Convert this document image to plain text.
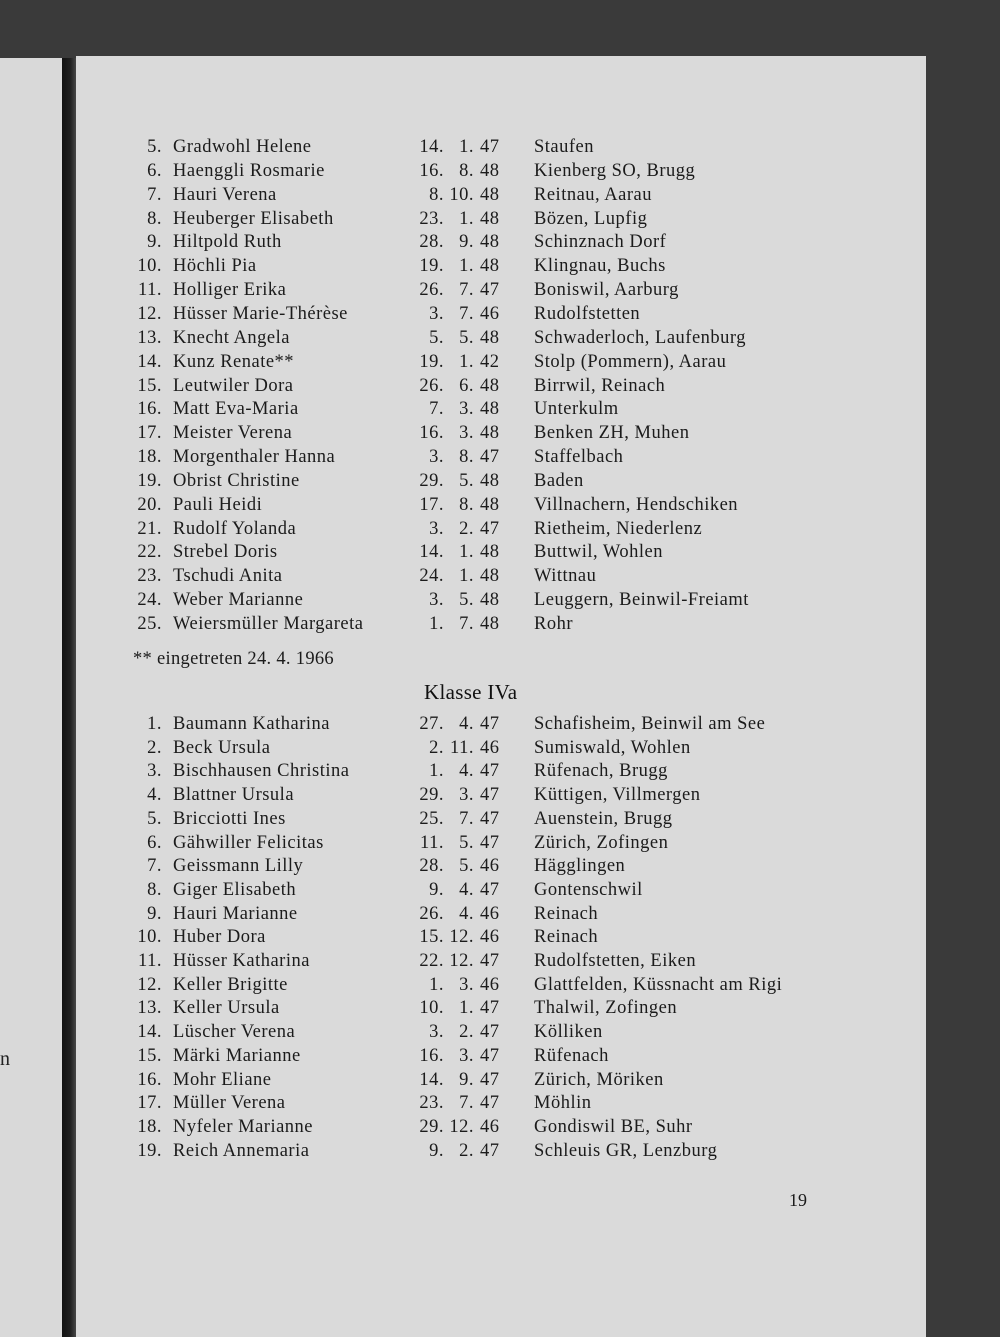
n
5. Gradwohl Helene	14. 1. 47 Staufen
6. Haenggli Rosmarie	16. 8. 48 Kienberg SO, Brugg
7. Hauri Verena	8. 10. 48 Reitnau, Aarau
8. Heuberger Elisabeth	23. 1. 48 Bözen, Lupfig
9. Hiltpold Ruth	28. 9. 48 Schinznach Dorf
10. Höchli Pia	19. 1. 48 Klingnau, Buchs
11. Holliger Erika	26. 7. 47 Boniswil, Aarburg
12. Hüsser Marie-Thérèse	3. 7. 46 Rudolfstetten
13. Knecht Angela	5. 5. 48 Schwaderloch, Laufenburg
14. Kunz Renate**	19. 1. 42 Stolp (Pommern), Aarau
15. Leutwiler Dora	26. 6. 48 Birrwil, Reinach
16. Matt Eva-Maria	7. 3. 48 Unterkulm
17. Meister Verena	16. 3. 48 Benken ZH, Muhen
18. Morgenthaler Hanna	3. 8. 47 Staffelbach
19. Obrist Christine	29. 5. 48 Baden
20. Pauli Heidi	17. 8. 48 Villnachern, Hendschiken
21. Rudolf Yolanda	3. 2. 47 Rietheim, Niederlenz
22. Strebel Doris	14. 1. 48 Buttwil, Wohlen
23. Tschudi Anita	24. 1. 48 Wittnau
24. Weber Marianne	3. 5. 48 Leuggern, Beinwil-Freiamt
25. Weiersmüller Margareta	1. 7. 48 Rohr
** eingetreten 24. 4. 1966
Klasse IVa
1. Baumann Katharina	27. 4. 47 Schafisheim, Beinwil am See
2. Beck Ursula	2. 11. 46 Sumiswald, Wohlen
3. Bischhausen Christina	1. 4. 47 Rüfenach, Brugg
4. Blattner Ursula	29. 3. 47 Küttigen, Villmergen
5. Bricciotti Ines	25. 7. 47 Auenstein, Brugg
6. Gähwiller Felicitas	11. 5. 47 Zürich, Zofingen
7. Geissmann Lilly	28. 5. 46 Hägglingen
8. Giger Elisabeth	9. 4. 47 Gontenschwil
9. Hauri Marianne	26. 4. 46 Reinach
10. Huber Dora	15. 12. 46 Reinach
11. Hüsser Katharina	22. 12. 47 Rudolfstetten, Eiken
12. Keller Brigitte	1. 3. 46 Glattfelden, Küssnacht am Rigi
13. Keller Ursula	10. 1. 47 Thalwil, Zofingen
14. Lüscher Verena	3. 2. 47 Kölliken
15. Märki Marianne	16. 3. 47 Rüfenach
16. Mohr Eliane	14. 9. 47 Zürich, Möriken
17. Müller Verena	23. 7. 47 Möhlin
18. Nyfeler Marianne	29. 12. 46 Gondiswil BE, Suhr
19. Reich Annemaria	9. 2. 47 Schleuis GR, Lenzburg
19
